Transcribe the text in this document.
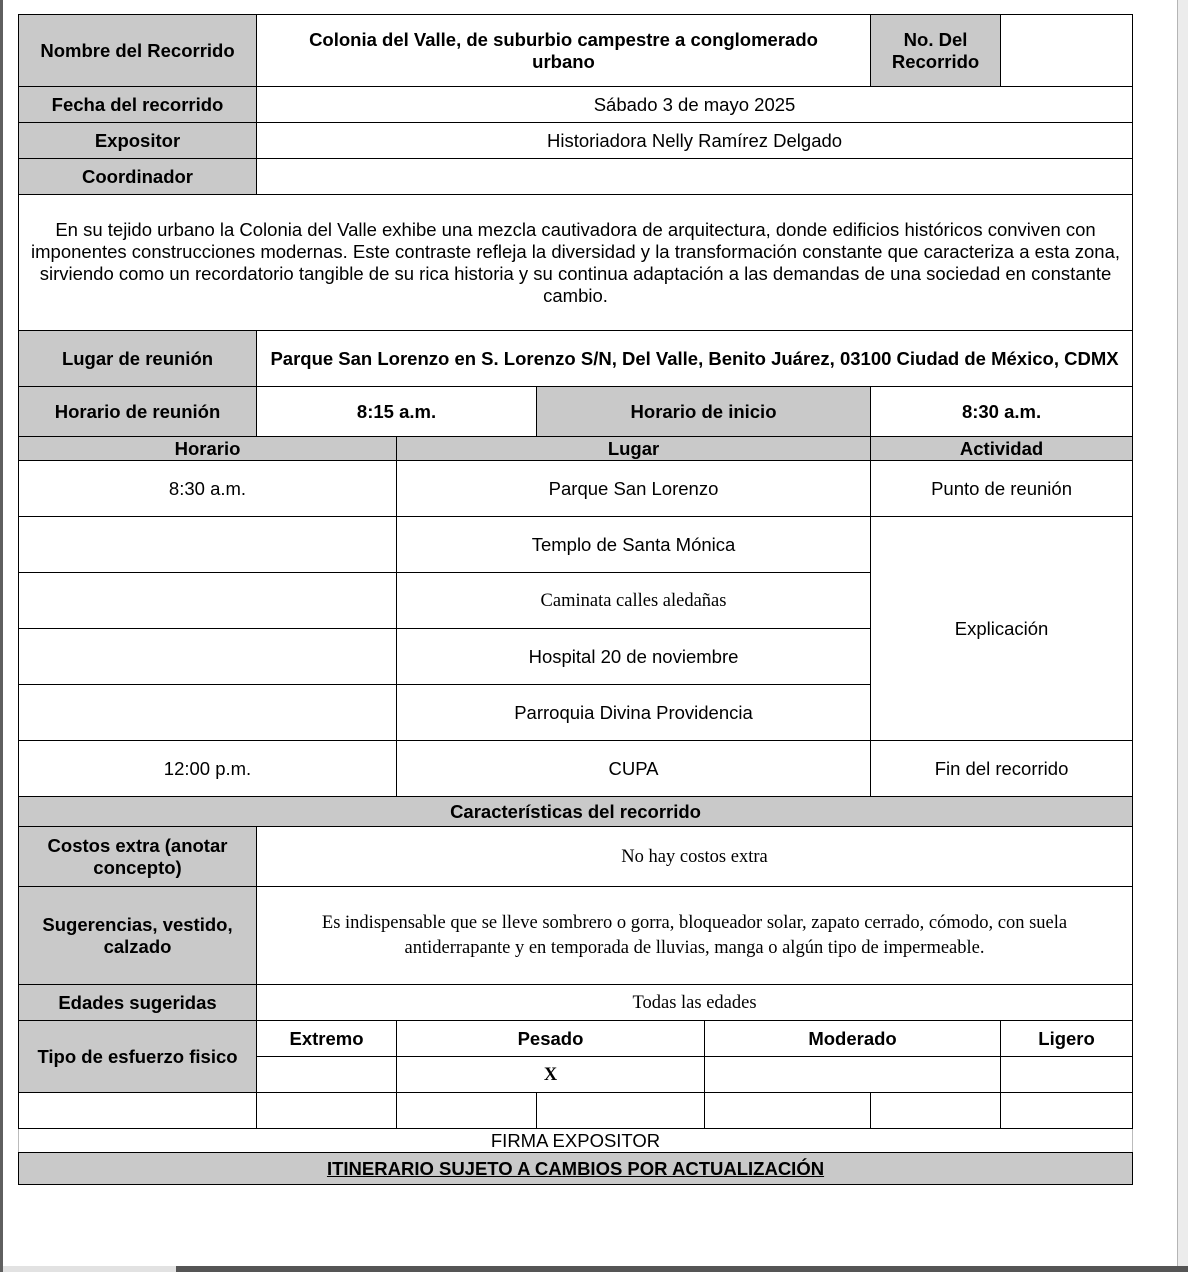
Nombre del Recorrido	Colonia del Valle, de suburbio campestre a conglomerado urbano				No. Del Recorrido	
Fecha del recorrido	Sábado 3 de mayo 2025					
Expositor	Historiadora Nelly Ramírez Delgado					
Coordinador						
En su tejido urbano la Colonia del Valle exhibe una mezcla cautivadora de arquitectura, donde edificios históricos conviven con imponentes construcciones modernas. Este contraste refleja la diversidad y la transformación constante que caracteriza a esta zona, sirviendo como un recordatorio tangible de su rica historia y su continua adaptación a las demandas de una sociedad en constante cambio.						
Lugar de reunión	Parque San Lorenzo en S. Lorenzo S/N, Del Valle, Benito Juárez, 03100 Ciudad de México, CDMX					
Horario de reunión	8:15 a.m.		Horario de inicio		8:30 a.m.	
Horario		Lugar			Actividad	
8:30 a.m.		Parque San Lorenzo			Punto de reunión	
		Templo de Santa Mónica			Explicación	
		Caminata calles aledañas				
		Hospital 20 de noviembre				
		Parroquia Divina Providencia				
12:00 p.m.		CUPA			Fin del recorrido	
Características del recorrido						
Costos extra (anotar concepto)	No hay costos extra					
Sugerencias, vestido, calzado	Es indispensable que se lleve sombrero o gorra, bloqueador solar, zapato cerrado, cómodo, con suela antiderrapante y en temporada de lluvias, manga o algún tipo de impermeable.					
Edades sugeridas	Todas las edades					
Tipo de esfuerzo fisico	Extremo	Pesado		Moderado		Ligero
		X				

FIRMA EXPOSITOR						
ITINERARIO SUJETO A CAMBIOS POR ACTUALIZACIÓN						
